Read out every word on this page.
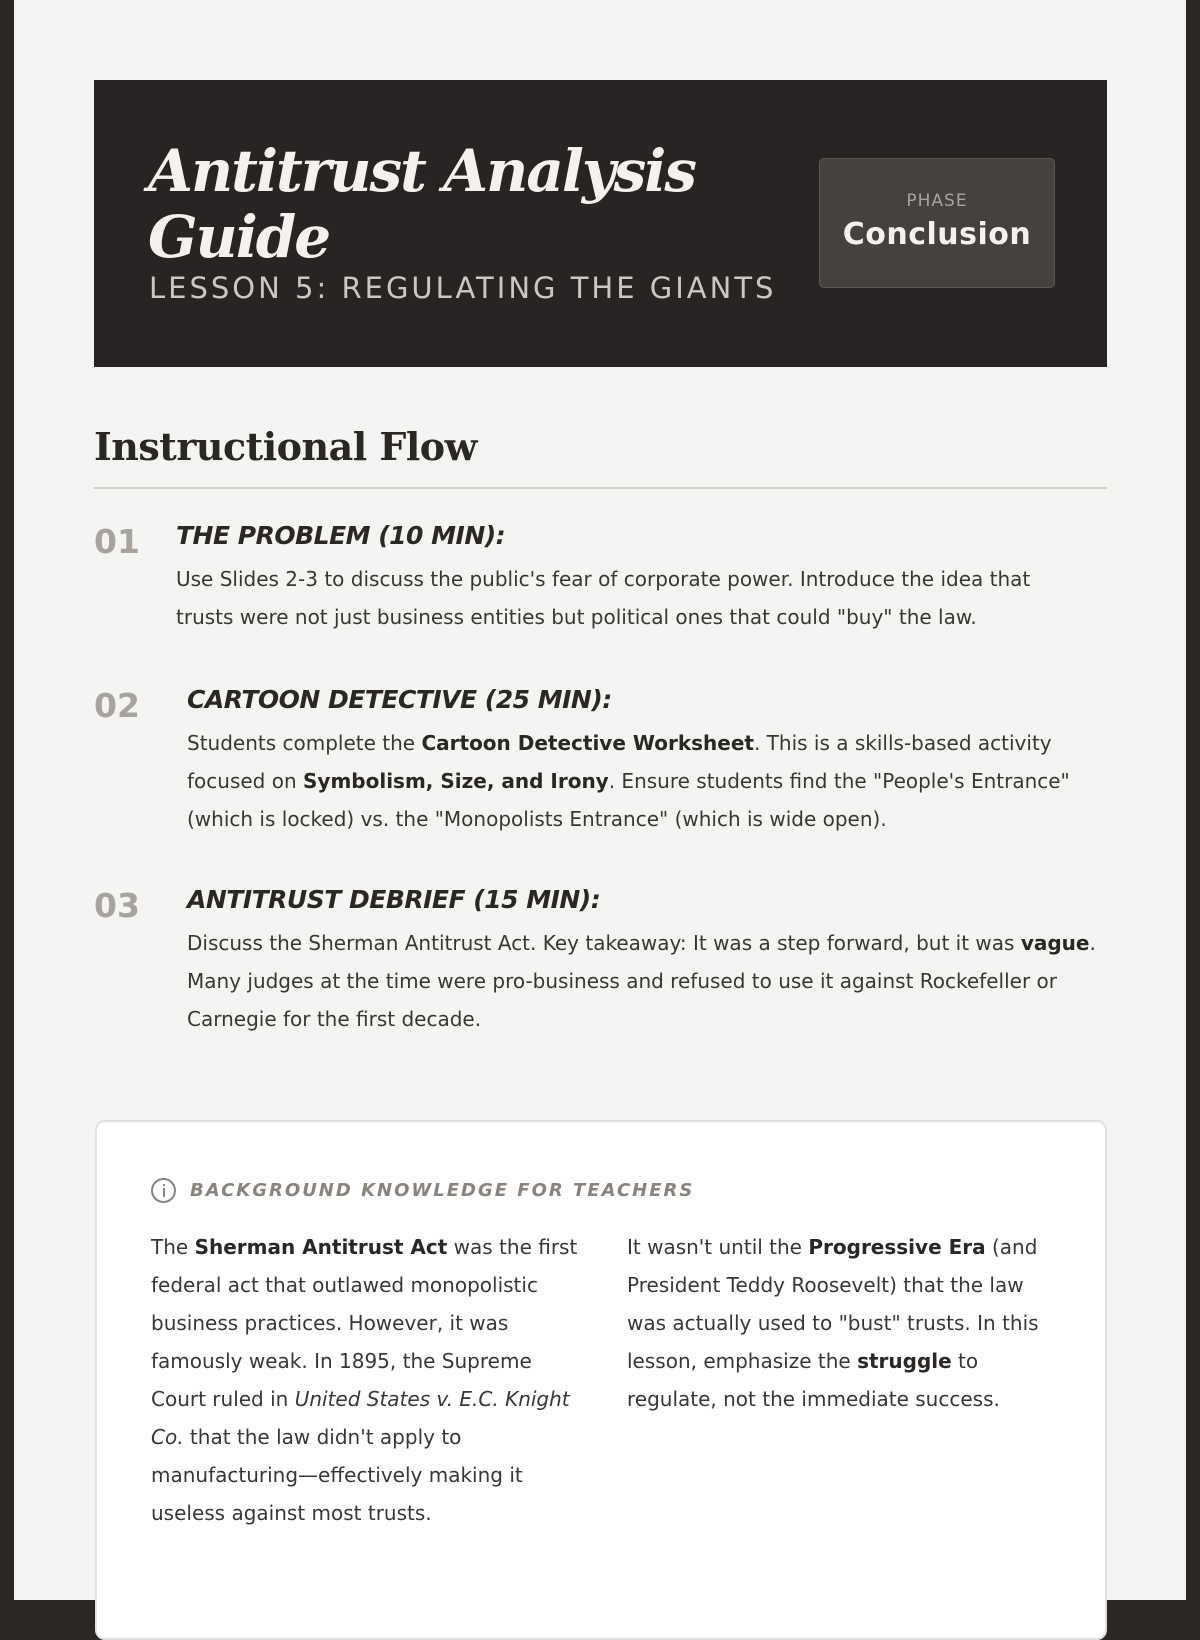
Antitrust Analysis Guide
LESSON 5: REGULATING THE GIANTS
PHASE
Conclusion
Instructional Flow
01 THE PROBLEM (10 MIN):
Use Slides 2-3 to discuss the public's fear of corporate power. Introduce the idea that trusts were not just business entities but political ones that could "buy" the law.
02 CARTOON DETECTIVE (25 MIN):
Students complete the Cartoon Detective Worksheet. This is a skills-based activity focused on Symbolism, Size, and Irony. Ensure students find the "People's Entrance" (which is locked) vs. the "Monopolists Entrance" (which is wide open).
03 ANTITRUST DEBRIEF (15 MIN):
Discuss the Sherman Antitrust Act. Key takeaway: It was a step forward, but it was vague. Many judges at the time were pro-business and refused to use it against Rockefeller or Carnegie for the first decade.
BACKGROUND KNOWLEDGE FOR TEACHERS
The Sherman Antitrust Act was the first federal act that outlawed monopolistic business practices. However, it was famously weak. In 1895, the Supreme Court ruled in United States v. E.C. Knight Co. that the law didn't apply to manufacturing—effectively making it useless against most trusts.
It wasn't until the Progressive Era (and President Teddy Roosevelt) that the law was actually used to "bust" trusts. In this lesson, emphasize the struggle to regulate, not the immediate success.
